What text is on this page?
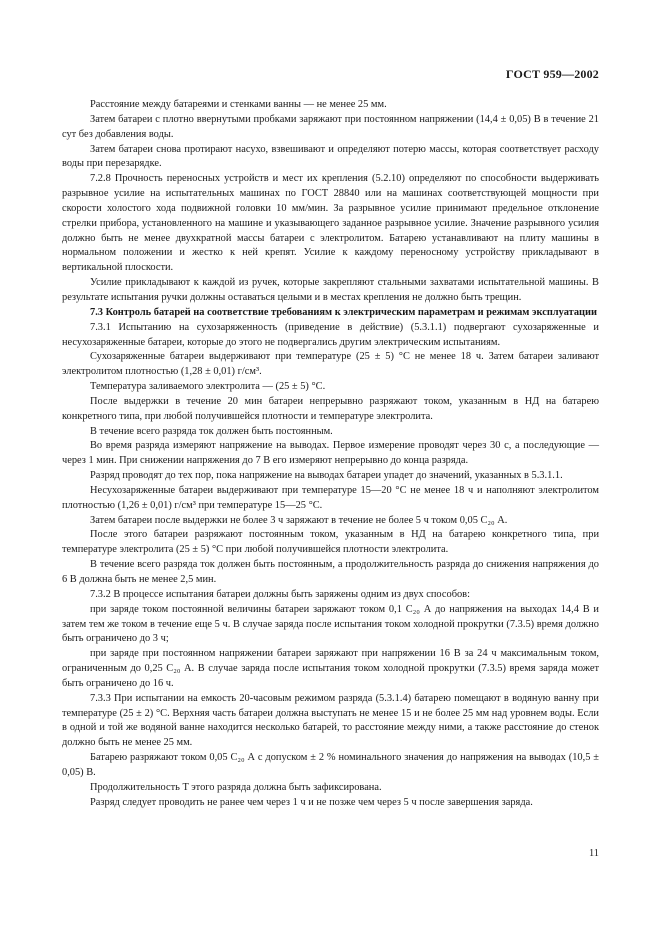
ГОСТ 959—2002

Расстояние между батареями и стенками ванны — не менее 25 мм.

Затем батареи с плотно ввернутыми пробками заряжают при постоянном напряжении (14,4 ± 0,05) В в течение 21 сут без добавления воды.

Затем батареи снова протирают насухо, взвешивают и определяют потерю массы, которая соответствует расходу воды при перезарядке.

7.2.8 Прочность переносных устройств и мест их крепления (5.2.10) определяют по способности выдерживать разрывное усилие на испытательных машинах по ГОСТ 28840 или на машинах соответствующей мощности при скорости холостого хода подвижной головки 10 мм/мин. За разрывное усилие принимают предельное отклонение стрелки прибора, установленного на машине и указывающего заданное разрывное усилие. Значение разрывного усилия должно быть не менее двухкратной массы батареи с электролитом. Батарею устанавливают на плиту машины в нормальном положении и жестко к ней крепят. Усилие к каждому переносному устройству прикладывают в вертикальной плоскости.

Усилие прикладывают к каждой из ручек, которые закрепляют стальными захватами испытательной машины. В результате испытания ручки должны оставаться целыми и в местах крепления не должно быть трещин.

7.3 Контроль батарей на соответствие требованиям к электрическим параметрам и режимам эксплуатации

7.3.1 Испытанию на сухозаряженность (приведение в действие) (5.3.1.1) подвергают сухозаряженные и несухозаряженные батареи, которые до этого не подвергались другим электрическим испытаниям.

Сухозаряженные батареи выдерживают при температуре (25 ± 5) °С не менее 18 ч. Затем батареи заливают электролитом плотностью (1,28 ± 0,01) г/см³.

Температура заливаемого электролита — (25 ± 5) °С.

После выдержки в течение 20 мин батареи непрерывно разряжают током, указанным в НД на батарею конкретного типа, при любой получившейся плотности и температуре электролита.

В течение всего разряда ток должен быть постоянным.

Во время разряда измеряют напряжение на выводах. Первое измерение проводят через 30 с, а последующие — через 1 мин. При снижении напряжения до 7 В его измеряют непрерывно до конца разряда.

Разряд проводят до тех пор, пока напряжение на выводах батареи упадет до значений, указанных в 5.3.1.1.

Несухозаряженные батареи выдерживают при температуре 15—20 °С не менее 18 ч и наполняют электролитом плотностью (1,26 ± 0,01) г/см³ при температуре 15—25 °С.

Затем батареи после выдержки не более 3 ч заряжают в течение не более 5 ч током 0,05 C₂₀ А.

После этого батареи разряжают постоянным током, указанным в НД на батарею конкретного типа, при температуре электролита (25 ± 5) °С при любой получившейся плотности электролита.

В течение всего разряда ток должен быть постоянным, а продолжительность разряда до снижения напряжения до 6 В должна быть не менее 2,5 мин.

7.3.2 В процессе испытания батареи должны быть заряжены одним из двух способов:

при заряде током постоянной величины батареи заряжают током 0,1 C₂₀ А до напряжения на выходах 14,4 В и затем тем же током в течение еще 5 ч. В случае заряда после испытания током холодной прокрутки (7.3.5) время должно быть ограничено до 3 ч;

при заряде при постоянном напряжении батареи заряжают при напряжении 16 В за 24 ч максимальным током, ограниченным до 0,25 C₂₀ А. В случае заряда после испытания током холодной прокрутки (7.3.5) время заряда может быть ограничено до 16 ч.

7.3.3 При испытании на емкость 20-часовым режимом разряда (5.3.1.4) батарею помещают в водяную ванну при температуре (25 ± 2) °С. Верхняя часть батареи должна выступать не менее 15 и не более 25 мм над уровнем воды. Если в одной и той же водяной ванне находится несколько батарей, то расстояние между ними, а также расстояние до стенок должно быть не менее 25 мм.

Батарею разряжают током 0,05 C₂₀ А с допуском ± 2 % номинального значения до напряжения на выводах (10,5 ± 0,05) В.

Продолжительность T этого разряда должна быть зафиксирована.

Разряд следует проводить не ранее чем через 1 ч и не позже чем через 5 ч после завершения заряда.

11
